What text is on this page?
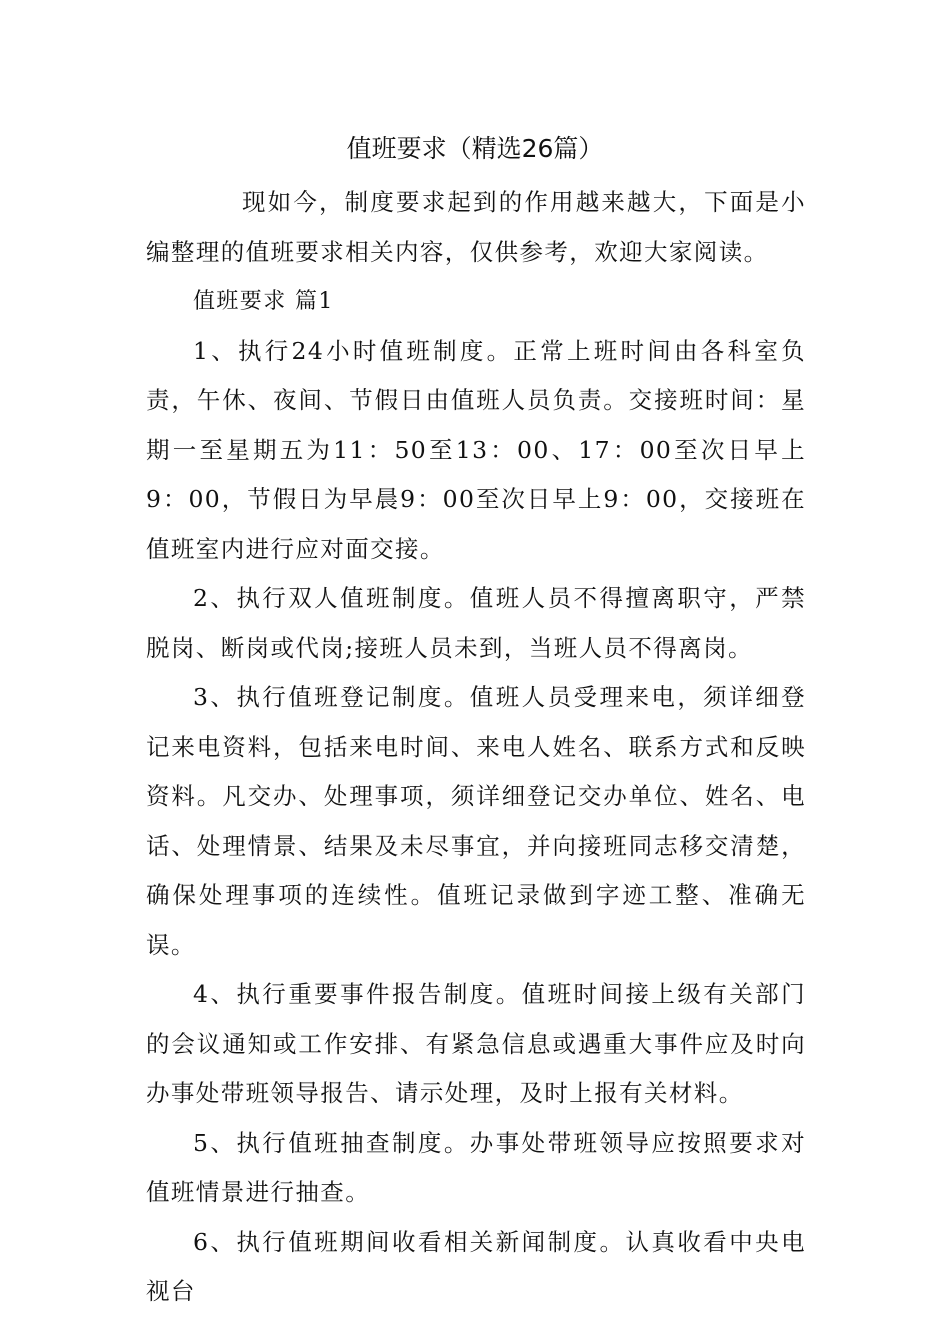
值班要求（精选26篇）

现如今，制度要求起到的作用越来越大，下面是小编整理的值班要求相关内容，仅供参考，欢迎大家阅读。

值班要求 篇1

1、执行24小时值班制度。正常上班时间由各科室负责，午休、夜间、节假日由值班人员负责。交接班时间：星期一至星期五为11：50至13：00、17：00至次日早上9：00，节假日为早晨9：00至次日早上9：00，交接班在值班室内进行应对面交接。

2、执行双人值班制度。值班人员不得擅离职守，严禁脱岗、断岗或代岗;接班人员未到，当班人员不得离岗。

3、执行值班登记制度。值班人员受理来电，须详细登记来电资料，包括来电时间、来电人姓名、联系方式和反映资料。凡交办、处理事项，须详细登记交办单位、姓名、电话、处理情景、结果及未尽事宜，并向接班同志移交清楚，确保处理事项的连续性。值班记录做到字迹工整、准确无误。

4、执行重要事件报告制度。值班时间接上级有关部门的会议通知或工作安排、有紧急信息或遇重大事件应及时向办事处带班领导报告、请示处理，及时上报有关材料。

5、执行值班抽查制度。办事处带班领导应按照要求对值班情景进行抽查。

6、执行值班期间收看相关新闻制度。认真收看中央电视台
